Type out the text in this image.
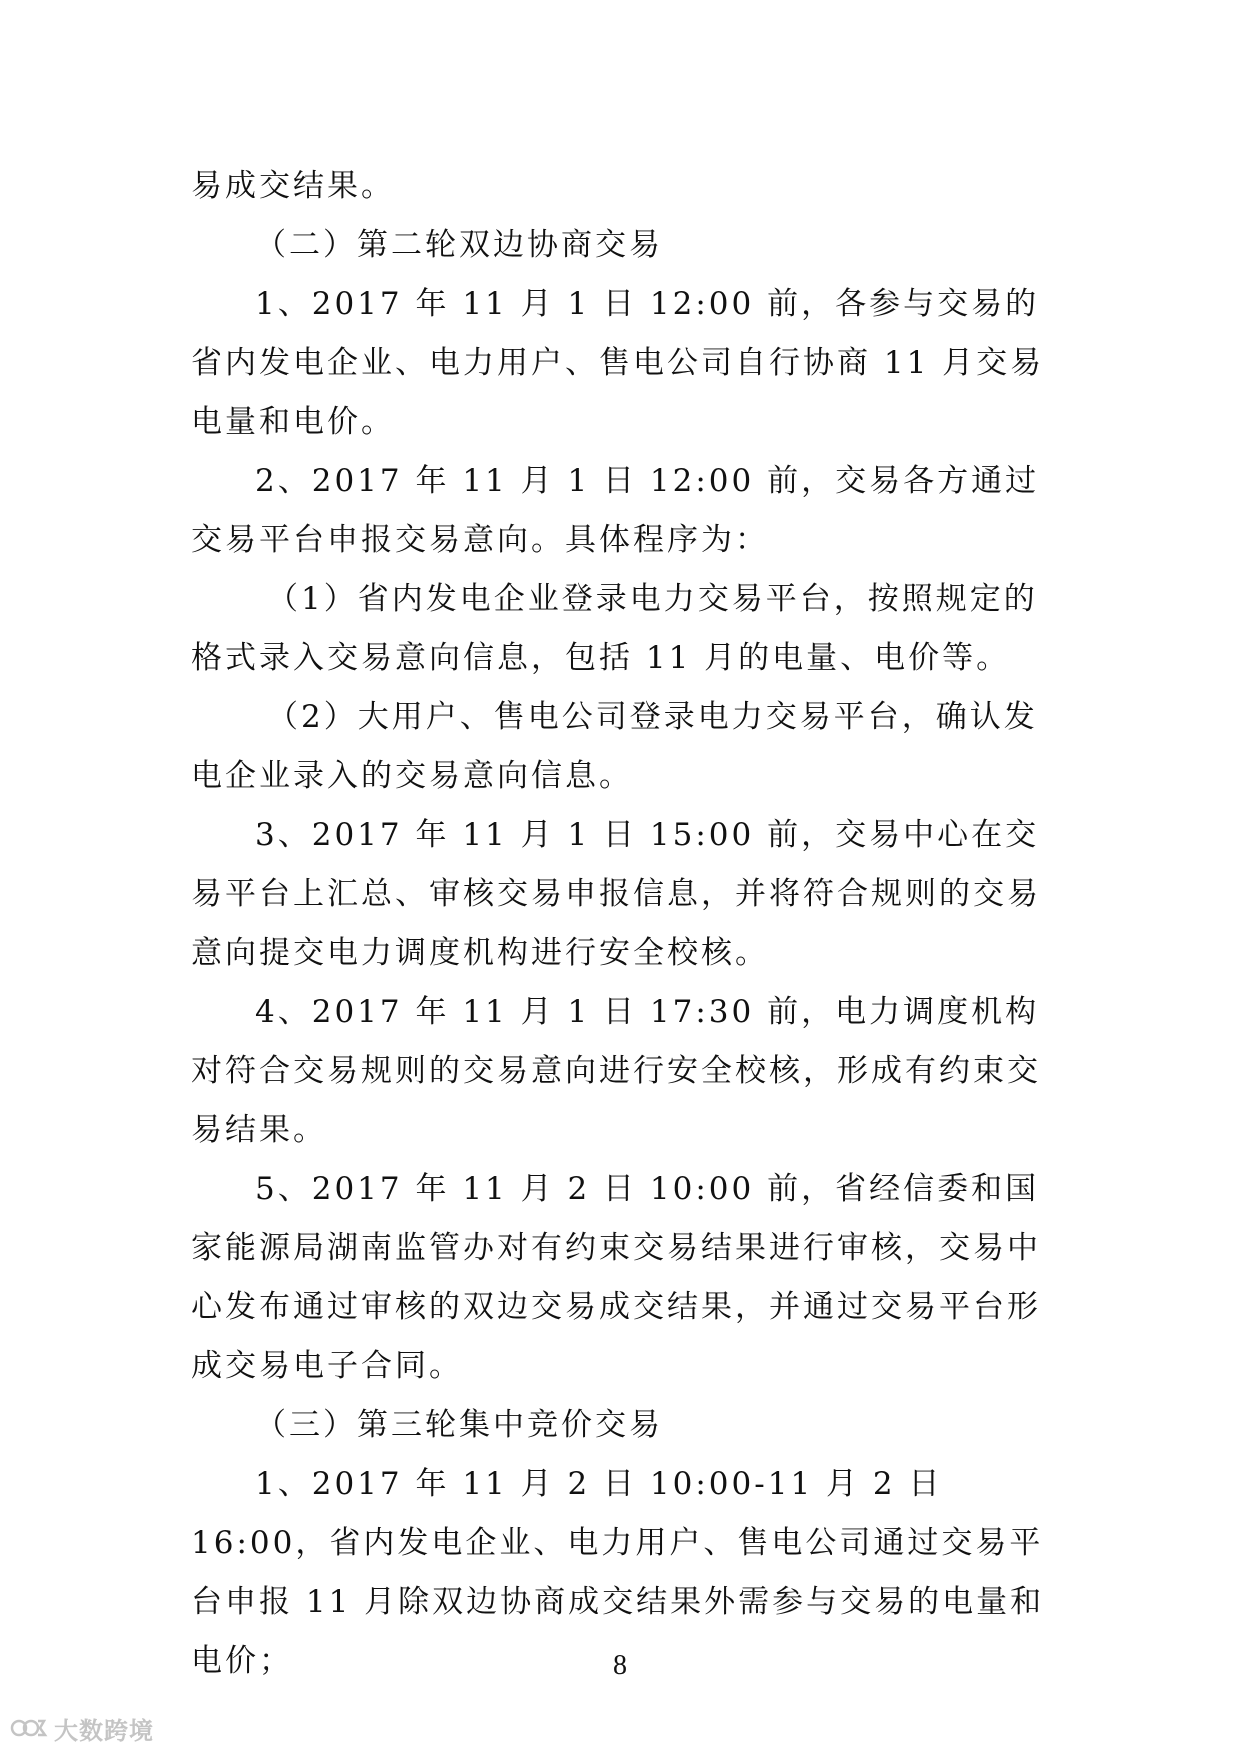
易成交结果。

（二）第二轮双边协商交易

1、2017 年 11 月 1 日 12:00 前，各参与交易的省内发电企业、电力用户、售电公司自行协商 11 月交易电量和电价。

2、2017 年 11 月 1 日 12:00 前，交易各方通过交易平台申报交易意向。具体程序为：

（1）省内发电企业登录电力交易平台，按照规定的格式录入交易意向信息，包括 11 月的电量、电价等。

（2）大用户、售电公司登录电力交易平台，确认发电企业录入的交易意向信息。

3、2017 年 11 月 1 日 15:00 前，交易中心在交易平台上汇总、审核交易申报信息，并将符合规则的交易意向提交电力调度机构进行安全校核。

4、2017 年 11 月 1 日 17:30 前，电力调度机构对符合交易规则的交易意向进行安全校核，形成有约束交易结果。

5、2017 年 11 月 2 日 10:00 前，省经信委和国家能源局湖南监管办对有约束交易结果进行审核，交易中心发布通过审核的双边交易成交结果，并通过交易平台形成交易电子合同。

（三）第三轮集中竞价交易

1、2017 年 11 月 2 日 10:00-11 月 2 日 16:00，省内发电企业、电力用户、售电公司通过交易平台申报 11 月除双边协商成交结果外需参与交易的电量和电价；	8
大数跨境
